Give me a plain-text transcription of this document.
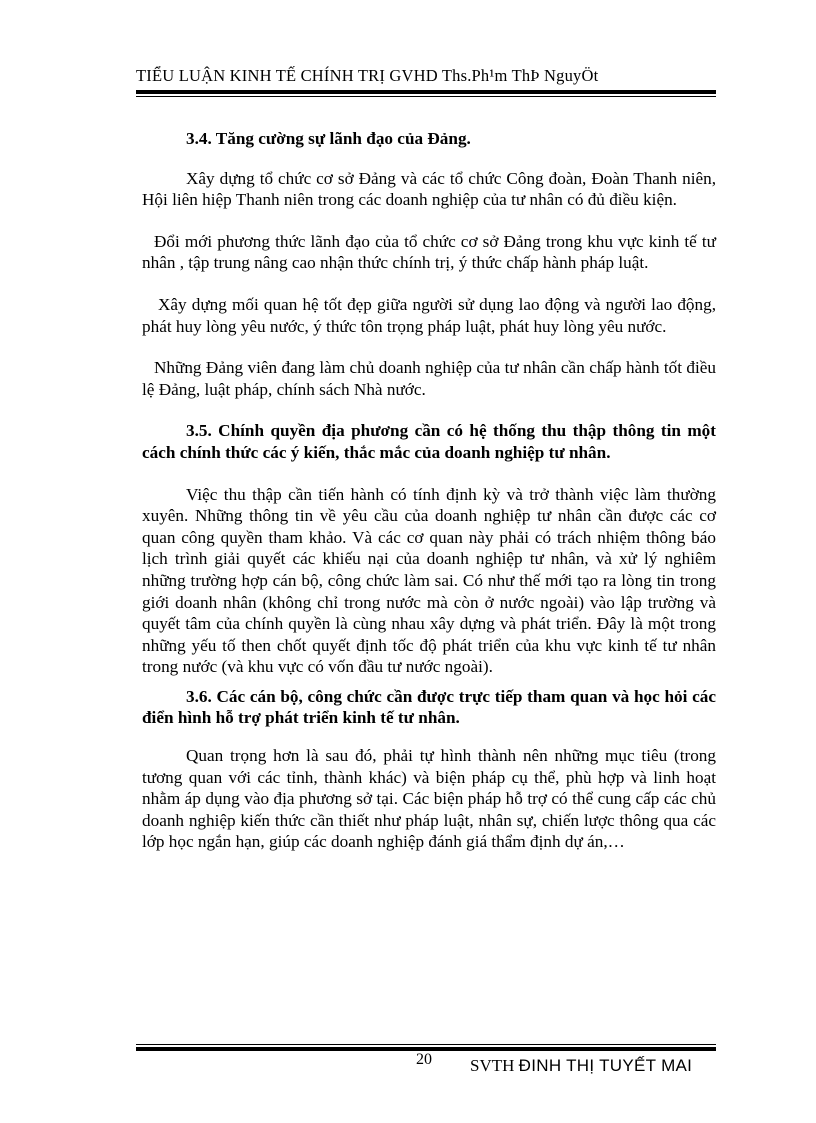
TIỂU LUẬN KINH TẾ CHÍNH TRỊ GVHD Ths.Ph¹m ThÞ NguyÖt
3.4. Tăng cường sự lãnh đạo của Đảng.
Xây dựng tổ chức cơ sở Đảng và các tổ chức Công đoàn, Đoàn Thanh niên, Hội liên hiệp Thanh niên trong các doanh nghiệp của tư nhân có đủ điều kiện.
Đổi mới phương thức lãnh đạo của tổ chức cơ sở Đảng trong khu vực kinh tế tư nhân , tập trung nâng cao nhận thức chính trị, ý thức chấp hành pháp luật.
Xây dựng mối quan hệ tốt đẹp giữa người sử dụng lao động và người lao động, phát huy lòng yêu nước, ý thức tôn trọng pháp luật, phát huy lòng yêu nước.
Những Đảng viên đang làm chủ doanh nghiệp của tư nhân cần chấp hành tốt điều lệ Đảng, luật pháp, chính sách Nhà nước.
3.5. Chính quyền địa phương cần có hệ thống thu thập thông tin một cách chính thức các ý kiến, thắc mắc của doanh nghiệp tư nhân.
Việc thu thập cần tiến hành có tính định kỳ và trở thành việc làm thường xuyên. Những thông tin về yêu cầu của doanh nghiệp tư nhân cần được các cơ quan công quyền tham khảo. Và các cơ quan này phải có trách nhiệm thông báo lịch trình giải quyết các khiếu nại của doanh nghiệp tư nhân, và xử lý nghiêm những trường hợp cán bộ, công chức làm sai. Có như thế mới tạo ra lòng tin trong giới doanh nhân (không chỉ trong nước mà còn ở nước ngoài) vào lập trường và quyết tâm của chính quyền là cùng nhau xây dựng và phát triển. Đây là một trong những yếu tố then chốt quyết định tốc độ phát triển của khu vực kinh tế tư nhân trong nước (và khu vực có vốn đầu tư nước ngoài).
3.6. Các cán bộ, công chức cần được trực tiếp tham quan và học hỏi các điển hình hỗ trợ phát triển kinh tế tư nhân.
Quan trọng hơn là sau đó, phải tự hình thành nên những mục tiêu (trong tương quan với các tỉnh, thành khác) và biện pháp cụ thể, phù hợp và linh hoạt nhằm áp dụng vào địa phương sở tại. Các biện pháp hỗ trợ có thể cung cấp các chủ doanh nghiệp kiến thức cần thiết như pháp luật, nhân sự, chiến lược thông qua các lớp học ngắn hạn, giúp các doanh nghiệp đánh giá thẩm định dự án,…
20 SVTH ĐINH THỊ TUYẾT MAI
